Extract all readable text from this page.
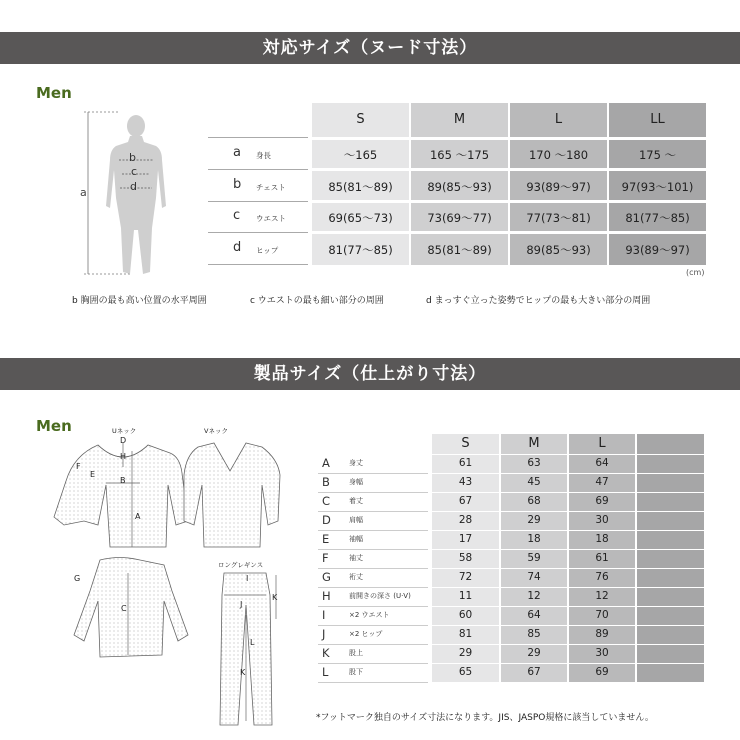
対応サイズ（ヌード寸法）
Men
a
b
c
d
S	M	L	LL
a 身長	～165	165 ～175	170 ～180	175 ～
b チェスト	85(81～89)	89(85～93)	93(89～97)	97(93～101)
c ウエスト	69(65～73)	73(69～77)	77(73～81)	81(77～85)
d ヒップ	81(77～85)	85(81～89)	89(85～93)	93(89～97)
(cm)
b 胸囲の最も高い位置の水平周囲	c ウエストの最も細い部分の周囲	d まっすぐ立った姿勢でヒップの最も大きい部分の周囲
製品サイズ（仕上がり寸法）
Men	Uネック	Vネック
ロングレギンス
D
E
F
H
A
B
G
C
I
J
K
K
L
A	身丈	61	63	64
B	身幅	43	45	47
C	着丈	67	68	69
D	肩幅	28	29	30
E	袖幅	17	18	18
F	袖丈	58	59	61
G	裄丈	72	74	76
H	前開きの深さ (U·V)	11	12	12
I	×2 ウエスト	60	64	70
J	×2 ヒップ	81	85	89
K	股上	29	29	30
L	股下	65	67	69
S	M	L
*フットマーク独自のサイズ寸法になります。JIS、JASPO規格に該当していません。
